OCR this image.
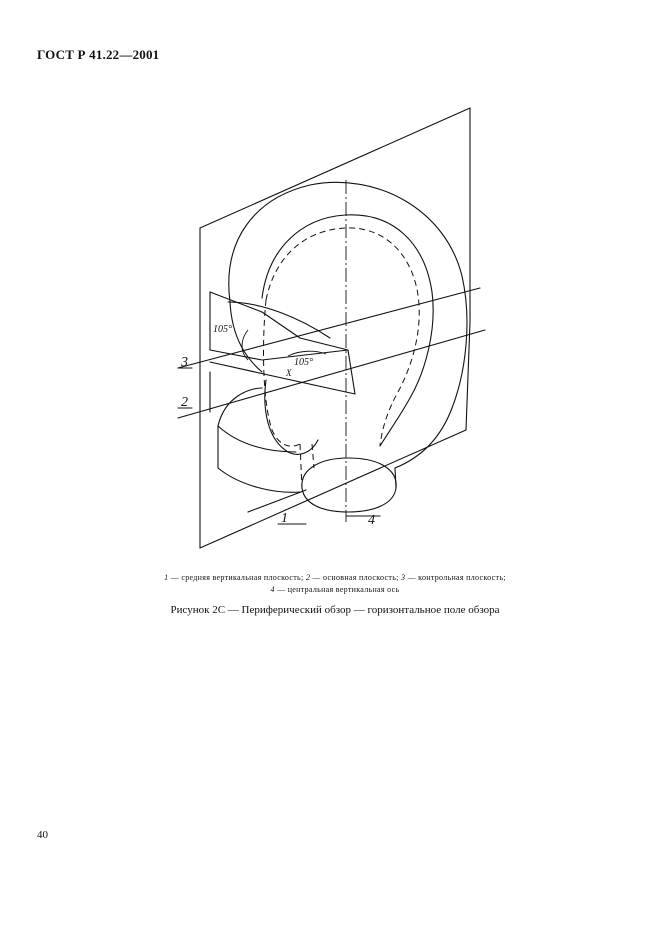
ГОСТ Р 41.22—2001
105°
105°
X
1
2
3
4
1 — средняя вертикальная плоскость; 2 — основная плоскость; 3 — контрольная плоскость;
4 — центральная вертикальная ось
Рисунок 2С — Периферический обзор — горизонтальное поле обзора
40
